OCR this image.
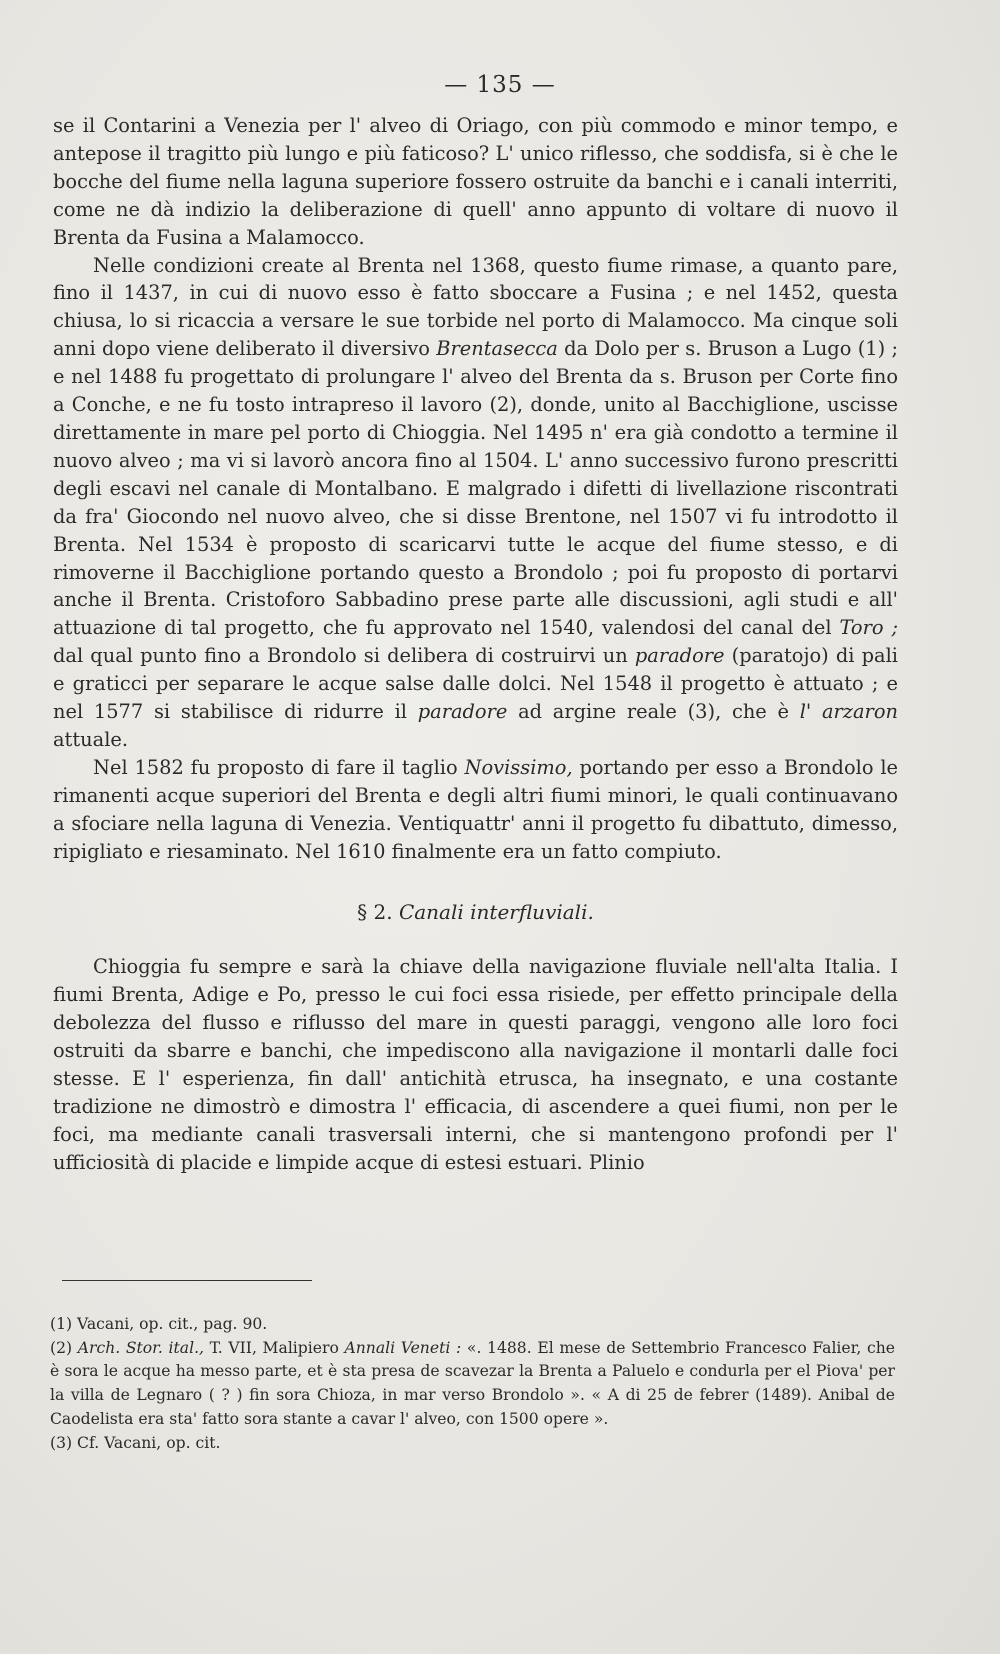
— 135 —

se il Contarini a Venezia per l' alveo di Oriago, con più commodo e minor tempo, e antepose il tragitto più lungo e più faticoso? L' unico riflesso, che soddisfa, si è che le bocche del fiume nella laguna superiore fossero ostruite da banchi e i canali interriti, come ne dà indizio la deliberazione di quell' anno appunto di voltare di nuovo il Brenta da Fusina a Malamocco.

Nelle condizioni create al Brenta nel 1368, questo fiume rimase, a quanto pare, fino il 1437, in cui di nuovo esso è fatto sboccare a Fusina ; e nel 1452, questa chiusa, lo si ricaccia a versare le sue torbide nel porto di Malamocco. Ma cinque soli anni dopo viene deliberato il diversivo Brentasecca da Dolo per s. Bruson a Lugo (1) ; e nel 1488 fu progettato di prolungare l' alveo del Brenta da s. Bruson per Corte fino a Conche, e ne fu tosto intrapreso il lavoro (2), donde, unito al Bacchiglione, uscisse direttamente in mare pel porto di Chioggia. Nel 1495 n' era già condotto a termine il nuovo alveo ; ma vi si lavorò ancora fino al 1504. L' anno successivo furono prescritti degli escavi nel canale di Montalbano. E malgrado i difetti di livellazione riscontrati da fra' Giocondo nel nuovo alveo, che si disse Brentone, nel 1507 vi fu introdotto il Brenta. Nel 1534 è proposto di scaricarvi tutte le acque del fiume stesso, e di rimoverne il Bacchiglione portando questo a Brondolo ; poi fu proposto di portarvi anche il Brenta. Cristoforo Sabbadino prese parte alle discussioni, agli studi e all' attuazione di tal progetto, che fu approvato nel 1540, valendosi del canal del Toro ; dal qual punto fino a Brondolo si delibera di costruirvi un paradore (paratojo) di pali e graticci per separare le acque salse dalle dolci. Nel 1548 il progetto è attuato ; e nel 1577 si stabilisce di ridurre il paradore ad argine reale (3), che è l' arzaron attuale.

Nel 1582 fu proposto di fare il taglio Novissimo, portando per esso a Brondolo le rimanenti acque superiori del Brenta e degli altri fiumi minori, le quali continuavano a sfociare nella laguna di Venezia. Ventiquattr' anni il progetto fu dibattuto, dimesso, ripigliato e riesaminato. Nel 1610 finalmente era un fatto compiuto.

§ 2. Canali interfluviali.

Chioggia fu sempre e sarà la chiave della navigazione fluviale nell'alta Italia. I fiumi Brenta, Adige e Po, presso le cui foci essa risiede, per effetto principale della debolezza del flusso e riflusso del mare in questi paraggi, vengono alle loro foci ostruiti da sbarre e banchi, che impediscono alla navigazione il montarli dalle foci stesse. E l' esperienza, fin dall' antichità etrusca, ha insegnato, e una costante tradizione ne dimostrò e dimostra l' efficacia, di ascendere a quei fiumi, non per le foci, ma mediante canali trasversali interni, che si mantengono profondi per l' ufficiosità di placide e limpide acque di estesi estuari. Plinio

(1) Vacani, op. cit., pag. 90.

(2) Arch. Stor. ital., T. VII, Malipiero Annali Veneti : «. 1488. El mese de Settembrio Francesco Falier, che è sora le acque ha messo parte, et è sta presa de scavezar la Brenta a Paluelo e condurla per el Piova' per la villa de Legnaro ( ? ) fin sora Chioza, in mar verso Brondolo ». « A di 25 de febrer (1489). Anibal de Caodelista era sta' fatto sora stante a cavar l' alveo, con 1500 opere ».

(3) Cf. Vacani, op. cit.
